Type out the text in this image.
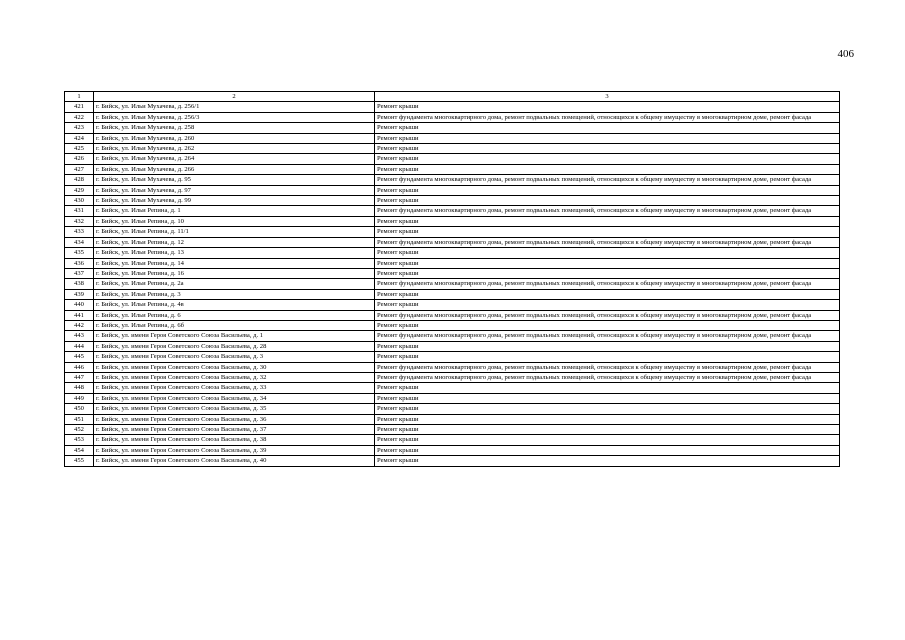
406
1	2	3
421	г. Бийск, ул. Ильи Мухачева, д. 256/1	Ремонт крыши
422	г. Бийск, ул. Ильи Мухачева, д. 256/3	Ремонт фундамента многоквартирного дома, ремонт подвальных помещений, относящихся к общему имуществу в многоквартирном доме, ремонт фасада
423	г. Бийск, ул. Ильи Мухачева, д. 258	Ремонт крыши
424	г. Бийск, ул. Ильи Мухачева, д. 260	Ремонт крыши
425	г. Бийск, ул. Ильи Мухачева, д. 262	Ремонт крыши
426	г. Бийск, ул. Ильи Мухачева, д. 264	Ремонт крыши
427	г. Бийск, ул. Ильи Мухачева, д. 266	Ремонт крыши
428	г. Бийск, ул. Ильи Мухачева, д. 95	Ремонт фундамента многоквартирного дома, ремонт подвальных помещений, относящихся к общему имуществу в многоквартирном доме, ремонт фасада
429	г. Бийск, ул. Ильи Мухачева, д. 97	Ремонт крыши
430	г. Бийск, ул. Ильи Мухачева, д. 99	Ремонт крыши
431	г. Бийск, ул. Ильи Репина, д. 1	Ремонт фундамента многоквартирного дома, ремонт подвальных помещений, относящихся к общему имуществу в многоквартирном доме, ремонт фасада
432	г. Бийск, ул. Ильи Репина, д. 10	Ремонт крыши
433	г. Бийск, ул. Ильи Репина, д. 11/1	Ремонт крыши
434	г. Бийск, ул. Ильи Репина, д. 12	Ремонт фундамента многоквартирного дома, ремонт подвальных помещений, относящихся к общему имуществу в многоквартирном доме, ремонт фасада
435	г. Бийск, ул. Ильи Репина, д. 13	Ремонт крыши
436	г. Бийск, ул. Ильи Репина, д. 14	Ремонт крыши
437	г. Бийск, ул. Ильи Репина, д. 16	Ремонт крыши
438	г. Бийск, ул. Ильи Репина, д. 2а	Ремонт фундамента многоквартирного дома, ремонт подвальных помещений, относящихся к общему имуществу в многоквартирном доме, ремонт фасада
439	г. Бийск, ул. Ильи Репина, д. 3	Ремонт крыши
440	г. Бийск, ул. Ильи Репина, д. 4в	Ремонт крыши
441	г. Бийск, ул. Ильи Репина, д. 6	Ремонт фундамента многоквартирного дома, ремонт подвальных помещений, относящихся к общему имуществу в многоквартирном доме, ремонт фасада
442	г. Бийск, ул. Ильи Репина, д. 6б	Ремонт крыши
443	г. Бийск, ул. имени Героя Советского Союза Васильева, д. 1	Ремонт фундамента многоквартирного дома, ремонт подвальных помещений, относящихся к общему имуществу в многоквартирном доме, ремонт фасада
444	г. Бийск, ул. имени Героя Советского Союза Васильева, д. 28	Ремонт крыши
445	г. Бийск, ул. имени Героя Советского Союза Васильева, д. 3	Ремонт крыши
446	г. Бийск, ул. имени Героя Советского Союза Васильева, д. 30	Ремонт фундамента многоквартирного дома, ремонт подвальных помещений, относящихся к общему имуществу в многоквартирном доме, ремонт фасада
447	г. Бийск, ул. имени Героя Советского Союза Васильева, д. 32	Ремонт фундамента многоквартирного дома, ремонт подвальных помещений, относящихся к общему имуществу в многоквартирном доме, ремонт фасада
448	г. Бийск, ул. имени Героя Советского Союза Васильева, д. 33	Ремонт крыши
449	г. Бийск, ул. имени Героя Советского Союза Васильева, д. 34	Ремонт крыши
450	г. Бийск, ул. имени Героя Советского Союза Васильева, д. 35	Ремонт крыши
451	г. Бийск, ул. имени Героя Советского Союза Васильева, д. 36	Ремонт крыши
452	г. Бийск, ул. имени Героя Советского Союза Васильева, д. 37	Ремонт крыши
453	г. Бийск, ул. имени Героя Советского Союза Васильева, д. 38	Ремонт крыши
454	г. Бийск, ул. имени Героя Советского Союза Васильева, д. 39	Ремонт крыши
455	г. Бийск, ул. имени Героя Советского Союза Васильева, д. 40	Ремонт крыши
